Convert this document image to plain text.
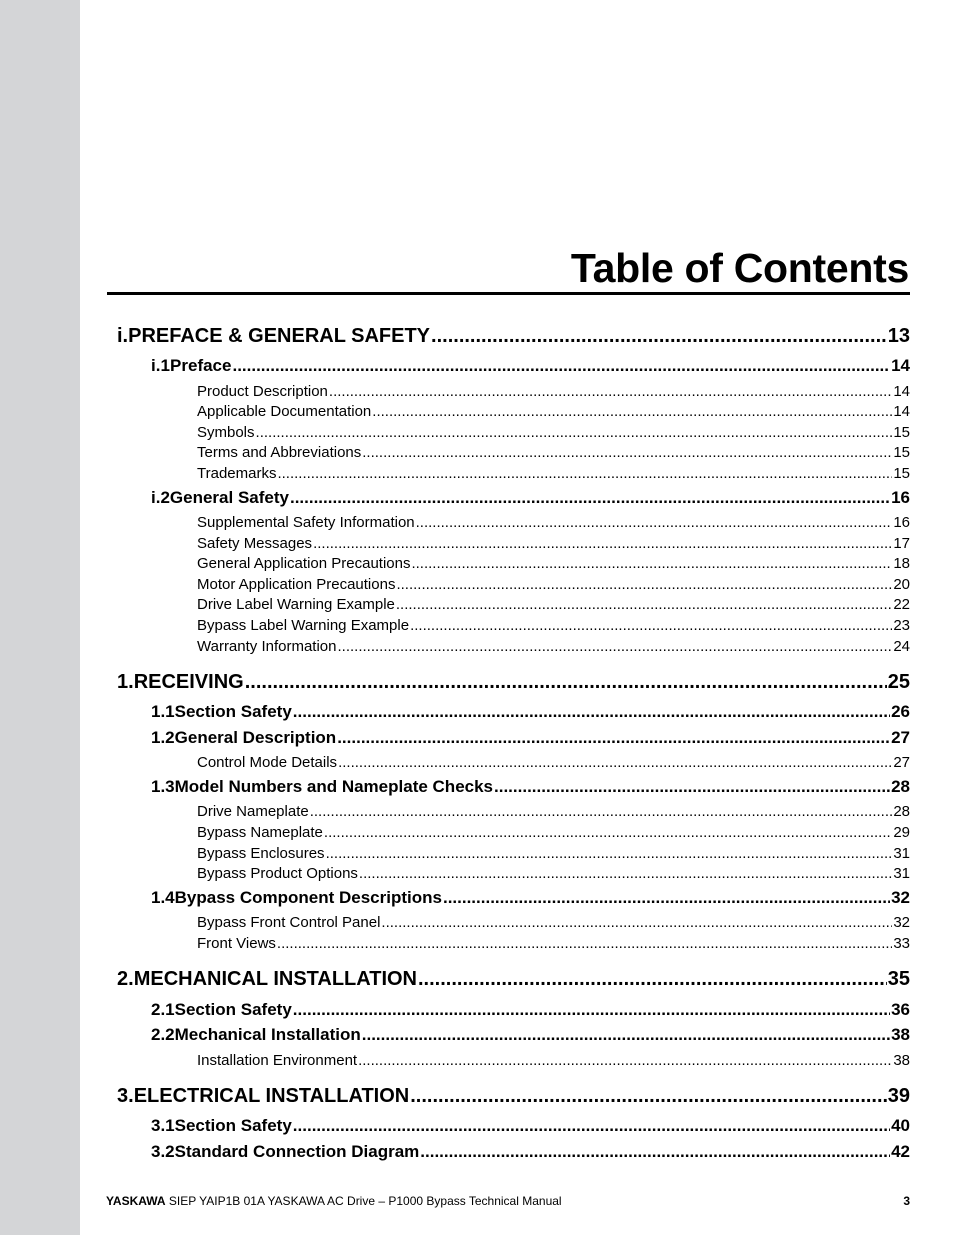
Table of Contents
i. PREFACE & GENERAL SAFETY .....	13
i.1 Preface .....	14
Product Description .....	14
Applicable Documentation .....	14
Symbols .....	15
Terms and Abbreviations .....	15
Trademarks .....	15
i.2 General Safety .....	16
Supplemental Safety Information .....	16
Safety Messages .....	17
General Application Precautions .....	18
Motor Application Precautions .....	20
Drive Label Warning Example .....	22
Bypass Label Warning Example .....	23
Warranty Information .....	24
1. RECEIVING .....	25
1.1 Section Safety .....	26
1.2 General Description .....	27
Control Mode Details .....	27
1.3 Model Numbers and Nameplate Checks .....	28
Drive Nameplate .....	28
Bypass Nameplate .....	29
Bypass Enclosures .....	31
Bypass Product Options .....	31
1.4 Bypass Component Descriptions .....	32
Bypass Front Control Panel .....	32
Front Views .....	33
2. MECHANICAL INSTALLATION .....	35
2.1 Section Safety .....	36
2.2 Mechanical Installation .....	38
Installation Environment .....	38
3. ELECTRICAL INSTALLATION .....	39
3.1 Section Safety .....	40
3.2 Standard Connection Diagram .....	42
YASKAWA SIEP YAIP1B 01A YASKAWA AC Drive – P1000 Bypass Technical Manual	3
